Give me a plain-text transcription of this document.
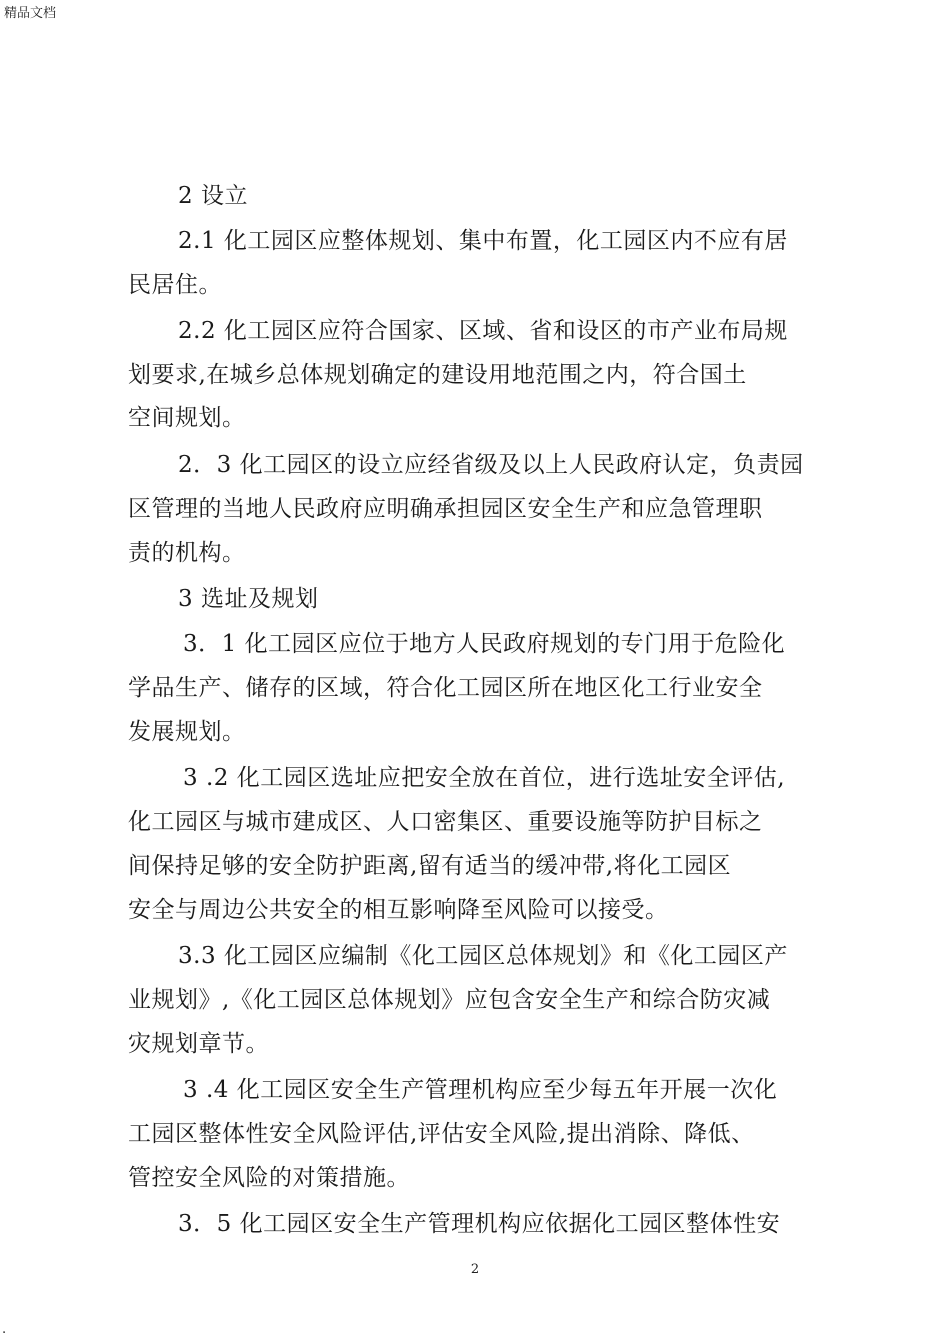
精品文档
2 设立
2.1 化工园区应整体规划、集中布置，化工园区内不应有居
民居住。
2.2 化工园区应符合国家、区域、省和设区的市产业布局规
划要求,在城乡总体规划确定的建设用地范围之内，符合国土
空间规划。
2．3 化工园区的设立应经省级及以上人民政府认定，负责园
区管理的当地人民政府应明确承担园区安全生产和应急管理职
责的机构。
3 选址及规划
3．1 化工园区应位于地方人民政府规划的专门用于危险化
学品生产、储存的区域，符合化工园区所在地区化工行业安全
发展规划。
3 .2 化工园区选址应把安全放在首位，进行选址安全评估,
化工园区与城市建成区、人口密集区、重要设施等防护目标之
间保持足够的安全防护距离,留有适当的缓冲带,将化工园区
安全与周边公共安全的相互影响降至风险可以接受。
3.3 化工园区应编制《化工园区总体规划》和《化工园区产
业规划》,《化工园区总体规划》应包含安全生产和综合防灾减
灾规划章节。
3 .4 化工园区安全生产管理机构应至少每五年开展一次化
工园区整体性安全风险评估,评估安全风险,提出消除、降低、
管控安全风险的对策措施。
3．5 化工园区安全生产管理机构应依据化工园区整体性安
2
.
